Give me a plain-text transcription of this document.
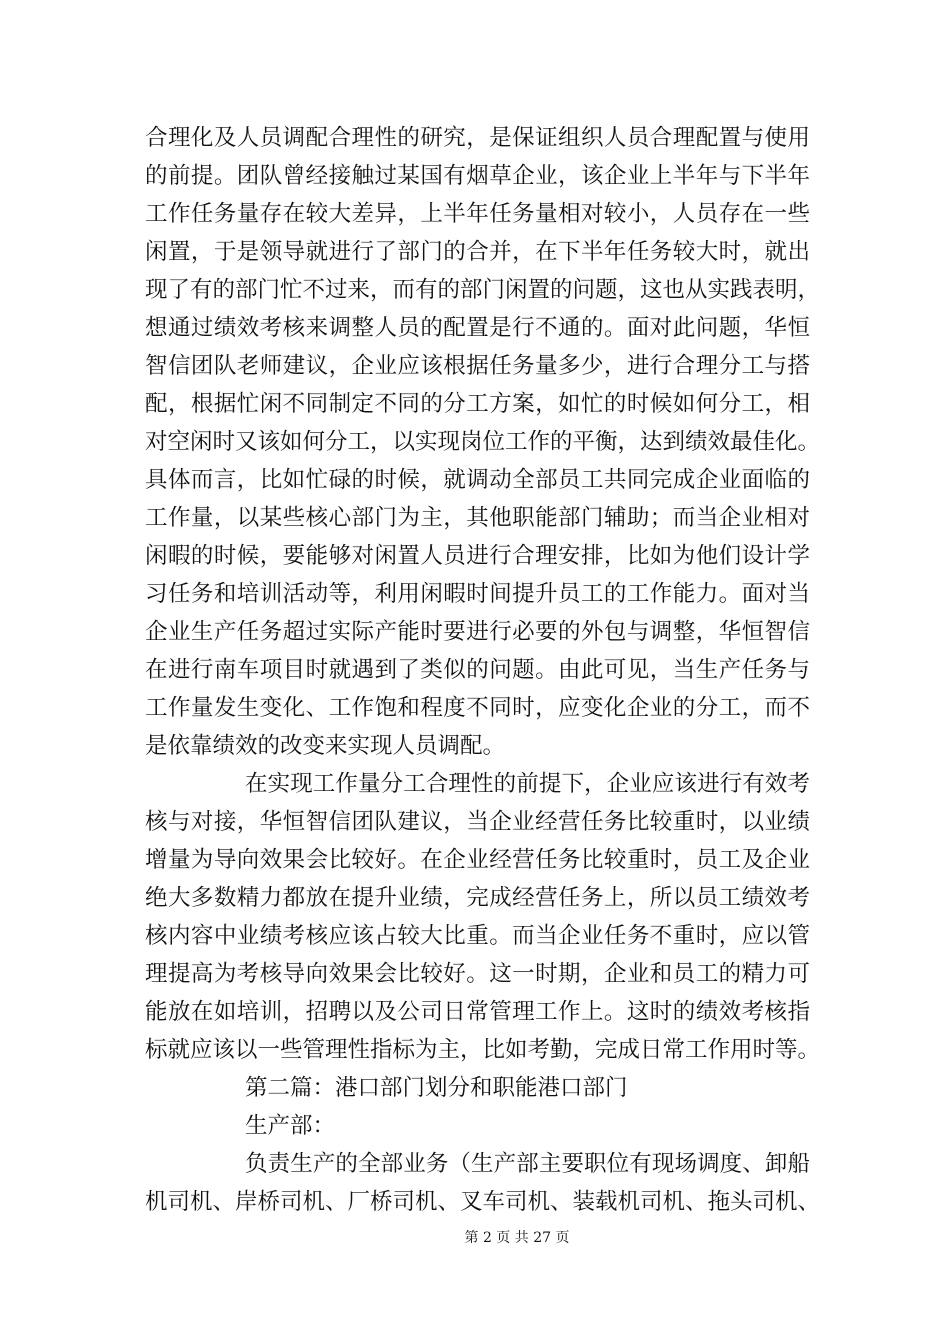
合理化及人员调配合理性的研究，是保证组织人员合理配置与使用
的前提。团队曾经接触过某国有烟草企业，该企业上半年与下半年
工作任务量存在较大差异，上半年任务量相对较小，人员存在一些
闲置，于是领导就进行了部门的合并，在下半年任务较大时，就出
现了有的部门忙不过来，而有的部门闲置的问题，这也从实践表明，
想通过绩效考核来调整人员的配置是行不通的。面对此问题，华恒
智信团队老师建议，企业应该根据任务量多少，进行合理分工与搭
配，根据忙闲不同制定不同的分工方案，如忙的时候如何分工，相
对空闲时又该如何分工，以实现岗位工作的平衡，达到绩效最佳化。
具体而言，比如忙碌的时候，就调动全部员工共同完成企业面临的
工作量，以某些核心部门为主，其他职能部门辅助；而当企业相对
闲暇的时候，要能够对闲置人员进行合理安排，比如为他们设计学
习任务和培训活动等，利用闲暇时间提升员工的工作能力。面对当
企业生产任务超过实际产能时要进行必要的外包与调整，华恒智信
在进行南车项目时就遇到了类似的问题。由此可见，当生产任务与
工作量发生变化、工作饱和程度不同时，应变化企业的分工，而不
是依靠绩效的改变来实现人员调配。
在实现工作量分工合理性的前提下，企业应该进行有效考
核与对接，华恒智信团队建议，当企业经营任务比较重时，以业绩
增量为导向效果会比较好。在企业经营任务比较重时，员工及企业
绝大多数精力都放在提升业绩，完成经营任务上，所以员工绩效考
核内容中业绩考核应该占较大比重。而当企业任务不重时，应以管
理提高为考核导向效果会比较好。这一时期，企业和员工的精力可
能放在如培训，招聘以及公司日常管理工作上。这时的绩效考核指
标就应该以一些管理性指标为主，比如考勤，完成日常工作用时等。
第二篇：港口部门划分和职能港口部门
生产部：
负责生产的全部业务（生产部主要职位有现场调度、卸船
机司机、岸桥司机、厂桥司机、叉车司机、装载机司机、拖头司机、
第 2 页 共 27 页
